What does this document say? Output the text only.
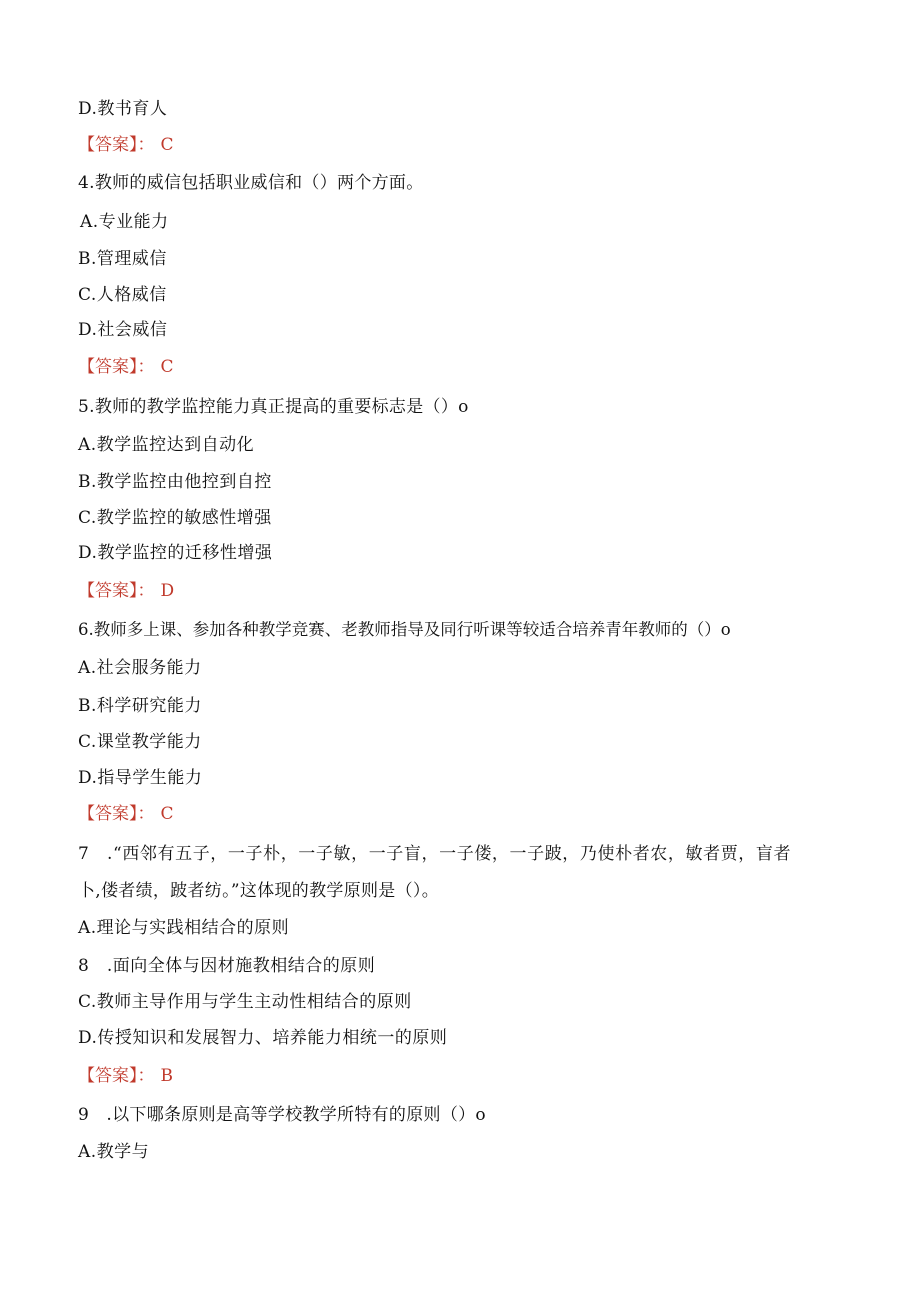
D.教书育人
【答案】： C
4.教师的威信包括职业威信和（）两个方面。
A.专业能力
B.管理威信
C.人格威信
D.社会威信
【答案】： C
5.教师的教学监控能力真正提高的重要标志是（）o
A.教学监控达到自动化
B.教学监控由他控到自控
C.教学监控的敏感性增强
D.教学监控的迁移性增强
【答案】： D
6.教师多上课、参加各种教学竞赛、老教师指导及同行听课等较适合培养青年教师的（）o
A.社会服务能力
B.科学研究能力
C.课堂教学能力
D.指导学生能力
【答案】： C
7　.“西邻有五子，一子朴，一子敏，一子盲，一子偻，一子跛，乃使朴者农，敏者贾，盲者
卜,偻者绩，跛者纺。”这体现的教学原则是（）。
A.理论与实践相结合的原则
8　.面向全体与因材施教相结合的原则
C.教师主导作用与学生主动性相结合的原则
D.传授知识和发展智力、培养能力相统一的原则
【答案】： B
9　.以下哪条原则是高等学校教学所特有的原则（）o
A.教学与
